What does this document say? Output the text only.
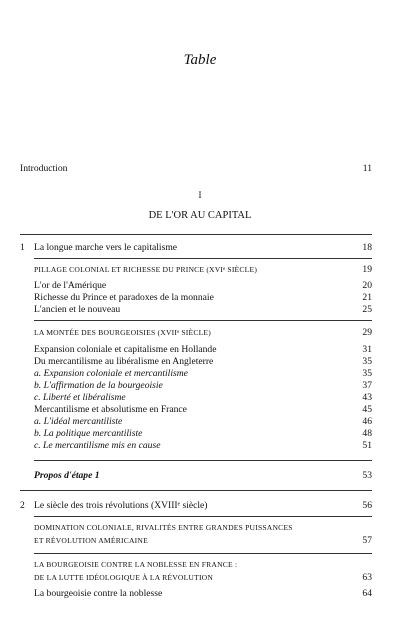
Table
Introduction	11
I
DE L'OR AU CAPITAL
1 La longue marche vers le capitalisme	18
PILLAGE COLONIAL ET RICHESSE DU PRINCE (XVIᵉ SIÈCLE)	19
L'or de l'Amérique	20
Richesse du Prince et paradoxes de la monnaie	21
L'ancien et le nouveau	25
LA MONTÉE DES BOURGEOISIES (XVIIᵉ SIÈCLE)	29
Expansion coloniale et capitalisme en Hollande	31
Du mercantilisme au libéralisme en Angleterre	35
a. Expansion coloniale et mercantilisme	35
b. L'affirmation de la bourgeoisie	37
c. Liberté et libéralisme	43
Mercantilisme et absolutisme en France	45
a. L'idéal mercantiliste	46
b. La politique mercantiliste	48
c. Le mercantilisme mis en cause	51
Propos d'étape 1	53
2 Le siècle des trois révolutions (XVIIIᵉ siècle)	56
DOMINATION COLONIALE, RIVALITÉS ENTRE GRANDES PUISSANCES
ET RÉVOLUTION AMÉRICAINE	57
LA BOURGEOISIE CONTRE LA NOBLESSE EN FRANCE :
DE LA LUTTE IDÉOLOGIQUE À LA RÉVOLUTION	63
La bourgeoisie contre la noblesse	64
